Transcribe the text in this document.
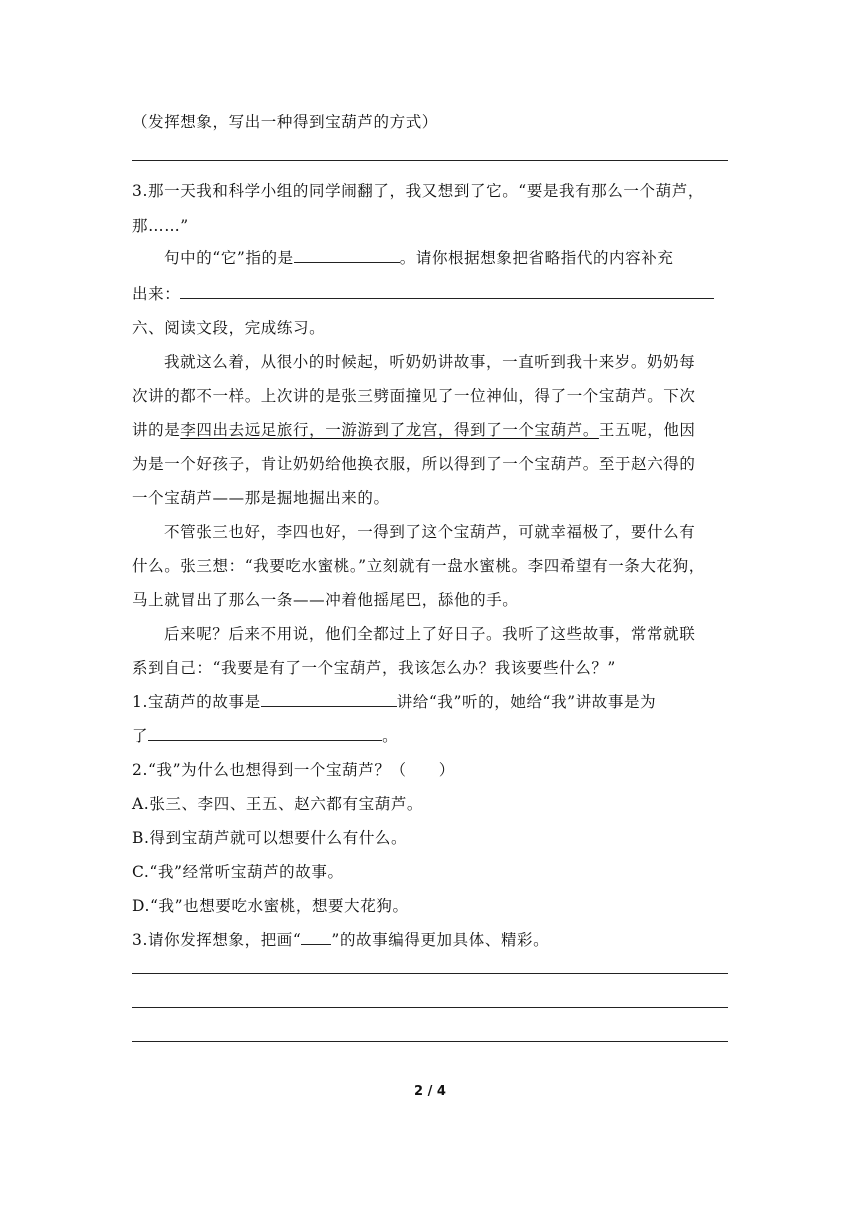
（发挥想象，写出一种得到宝葫芦的方式）
3.那一天我和科学小组的同学闹翻了，我又想到了它。“要是我有那么一个葫芦，
那……”
句中的“它”指的是	。请你根据想象把省略指代的内容补充
出来：
六、阅读文段，完成练习。
我就这么着，从很小的时候起，听奶奶讲故事，一直听到我十来岁。奶奶每
次讲的都不一样。上次讲的是张三劈面撞见了一位神仙，得了一个宝葫芦。下次
讲的是李四出去远足旅行，一游游到了龙宫，得到了一个宝葫芦。王五呢，他因
为是一个好孩子，肯让奶奶给他换衣服，所以得到了一个宝葫芦。至于赵六得的
一个宝葫芦——那是掘地掘出来的。
不管张三也好，李四也好，一得到了这个宝葫芦，可就幸福极了，要什么有
什么。张三想：“我要吃水蜜桃。”立刻就有一盘水蜜桃。李四希望有一条大花狗，
马上就冒出了那么一条——冲着他摇尾巴，舔他的手。
后来呢？后来不用说，他们全都过上了好日子。我听了这些故事，常常就联
系到自己：“我要是有了一个宝葫芦，我该怎么办？我该要些什么？”
1.宝葫芦的故事是	讲给“我”听的，她给“我”讲故事是为
了	。
2.“我”为什么也想得到一个宝葫芦？（　　）
A.张三、李四、王五、赵六都有宝葫芦。
B.得到宝葫芦就可以想要什么有什么。
C.“我”经常听宝葫芦的故事。
D.“我”也想要吃水蜜桃，想要大花狗。
3.请你发挥想象，把画“ ”的故事编得更加具体、精彩。
2 / 4
